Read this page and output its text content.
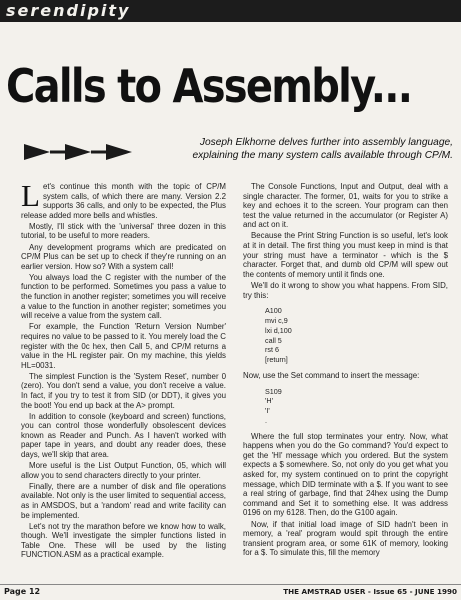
serendipity
Calls to Assembly...
Joseph Elkhorne delves further into assembly language, explaining the many system calls available through CP/M.

Let's continue this month with the topic of CP/M system calls, of which there are many. Version 2.2 supports 36 calls, and only to be expected, the Plus release added more bells and whistles.

Mostly, I'll stick with the 'universal' three dozen in this tutorial, to be useful to more readers.

Any development programs which are predicated on CP/M Plus can be set up to check if they're running on an earlier version. How so? With a system call!

You always load the C register with the number of the function to be performed. Sometimes you pass a value to the function in another register; sometimes you will receive a value to the function in another register; sometimes you will receive a value from the system call.

For example, the Function 'Return Version Number' requires no value to be passed to it. You merely load the C register with the 0c hex, then Call 5, and CP/M returns a value in the HL register pair. On my machine, this yields HL=0031.

The simplest Function is the 'System Reset', number 0 (zero). You don't send a value, you don't receive a value. In fact, if you try to test it from SID (or DDT), it gives you the boot! You end up back at the A> prompt.

In addition to console (keyboard and screen) functions, you can control those wonderfully obsolescent devices known as Reader and Punch. As I haven't worked with paper tape in years, and doubt any reader does, these days, we'll skip that area.

More useful is the List Output Function, 05, which will allow you to send characters directly to your printer.

Finally, there are a number of disk and file operations available. Not only is the user limited to sequential access, as in AMSDOS, but a 'random' read and write facility can be implemented.

Let's not try the marathon before we know how to walk, though. We'll investigate the simpler functions listed in Table One. These will be used by the listing FUNCTION.ASM as a practical example.

The Console Functions, Input and Output, deal with a single character. The former, 01, waits for you to strike a key and echoes it to the screen. Your program can then test the value returned in the accumulator (or Register A) and act on it.

Because the Print String Function is so useful, let's look at it in detail. The first thing you must keep in mind is that your string must have a terminator - which is the $ character. Forget that, and dumb old CP/M will spew out the contents of memory until it finds one.

We'll do it wrong to show you what happens. From SID, try this:

A100
mvi c,9
lxi d,100
call 5
rst 6
[return]

Now, use the Set command to insert the message:

S109
'H'
'I'
.

Where the full stop terminates your entry. Now, what happens when you do the Go command? You'd expect to get the 'HI' message which you ordered. But the system expects a $ somewhere. So, not only do you get what you asked for, my system continued on to print the copyright message, which DID terminate with a $. If you want to see a real string of garbage, find that 24hex using the Dump command and Set it to something else. It was address 0196 on my 6128. Then, do the G100 again.

Now, if that initial load image of SID hadn't been in memory, a 'real' program would spit through the entire transient program area, or some 61K of memory, looking for a $. To simulate this, fill the memory

Page 12	THE AMSTRAD USER - Issue 65 - JUNE 1990
